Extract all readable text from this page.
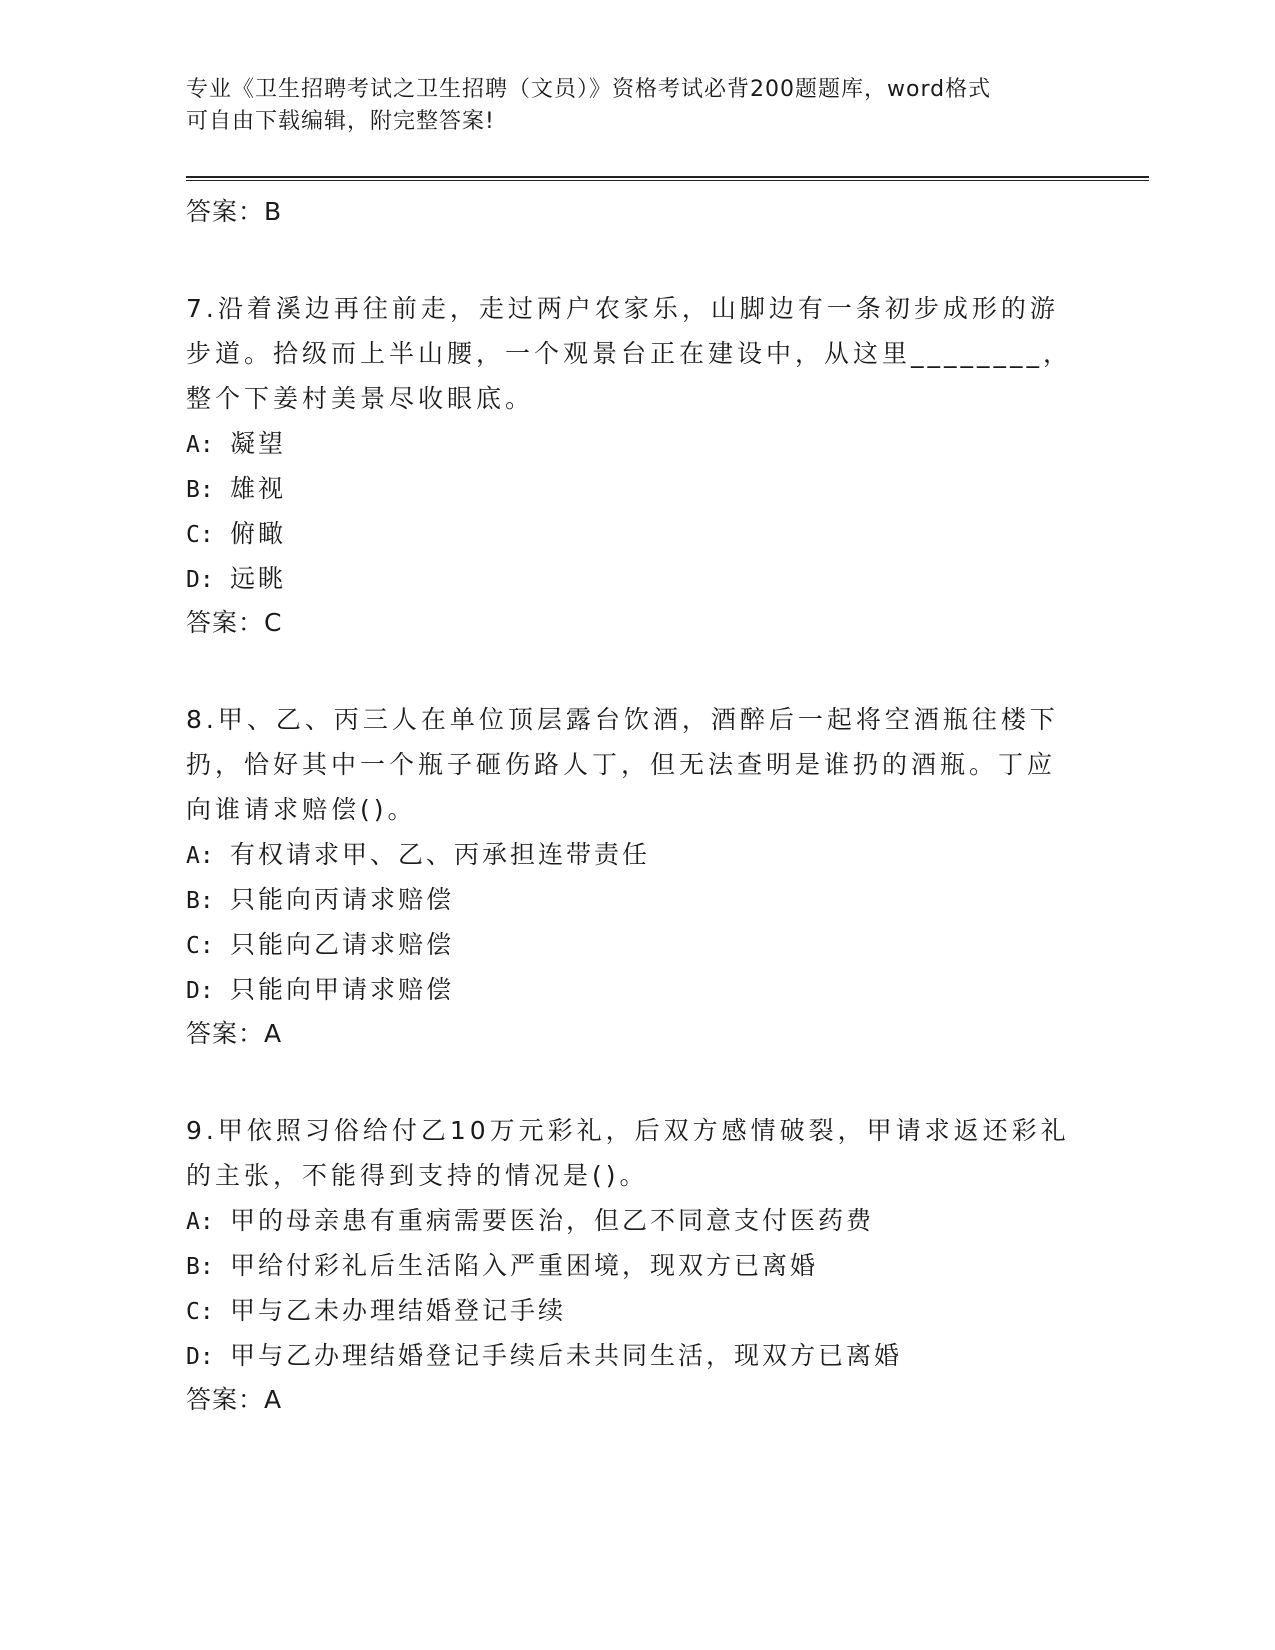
专业《卫生招聘考试之卫生招聘（文员）》资格考试必背200题题库，word格式
可自由下载编辑，附完整答案!
答案：B
7.沿着溪边再往前走，走过两户农家乐，山脚边有一条初步成形的游
步道。拾级而上半山腰，一个观景台正在建设中，从这里________，
整个下姜村美景尽收眼底。
A: 凝望
B: 雄视
C: 俯瞰
D: 远眺
答案：C
8.甲、乙、丙三人在单位顶层露台饮酒，酒醉后一起将空酒瓶往楼下
扔，恰好其中一个瓶子砸伤路人丁，但无法查明是谁扔的酒瓶。丁应
向谁请求赔偿()。
A: 有权请求甲、乙、丙承担连带责任
B: 只能向丙请求赔偿
C: 只能向乙请求赔偿
D: 只能向甲请求赔偿
答案：A
9.甲依照习俗给付乙10万元彩礼，后双方感情破裂，甲请求返还彩礼
的主张，不能得到支持的情况是()。
A: 甲的母亲患有重病需要医治，但乙不同意支付医药费
B: 甲给付彩礼后生活陷入严重困境，现双方已离婚
C: 甲与乙未办理结婚登记手续
D: 甲与乙办理结婚登记手续后未共同生活，现双方已离婚
答案：A
